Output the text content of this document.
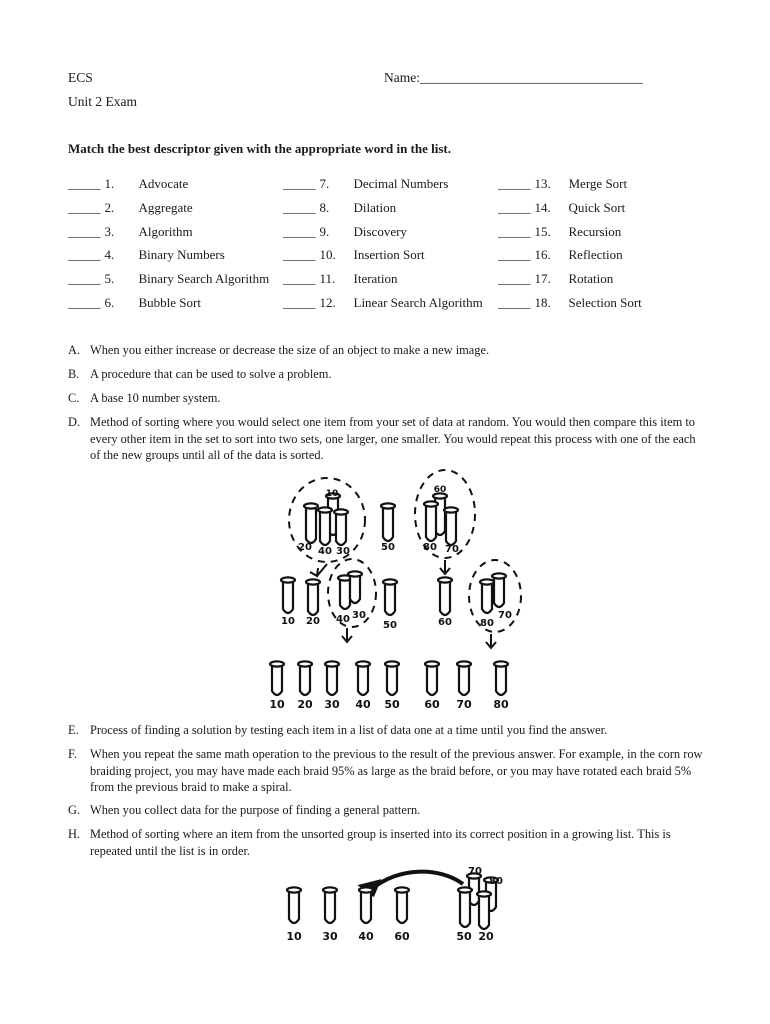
ECS	Name:_________________________________
Unit 2 Exam
Match the best descriptor given with the appropriate word in the list.
_____ 1. Advocate
_____ 2. Aggregate
_____ 3. Algorithm
_____ 4. Binary Numbers
_____ 5. Binary Search Algorithm
_____ 6. Bubble Sort
_____ 7. Decimal Numbers
_____ 8. Dilation
_____ 9. Discovery
_____ 10. Insertion Sort
_____ 11. Iteration
_____ 12. Linear Search Algorithm
_____ 13. Merge Sort
_____ 14. Quick Sort
_____ 15. Recursion
_____ 16. Reflection
_____ 17. Rotation
_____ 18. Selection Sort
A. When you either increase or decrease the size of an object to make a new image.
B. A procedure that can be used to solve a problem.
C. A base 10 number system.
D. Method of sorting where you would select one item from your set of data at random. You would then compare this item to every other item in the set to sort into two sets, one larger, one smaller. You would repeat this process with one of the each of the new groups until all of the data is sorted.
10
20 40 30	50
60
80 70
10 20 40 30
50	60	80
70
10 20 30 40 50 60 70 80
E. Process of finding a solution by testing each item in a list of data one at a time until you find the answer.
F. When you repeat the same math operation to the previous to the result of the previous answer. For example, in the corn row braiding project, you may have made each braid 95% as large as the braid before, or you may have rotated each braid 5% from the previous braid to make a spiral.
G. When you collect data for the purpose of finding a general pattern.
H. Method of sorting where an item from the unsorted group is inserted into its correct position in a growing list. This is repeated until the list is in order.
10 30 40 60
70
80
50 20
